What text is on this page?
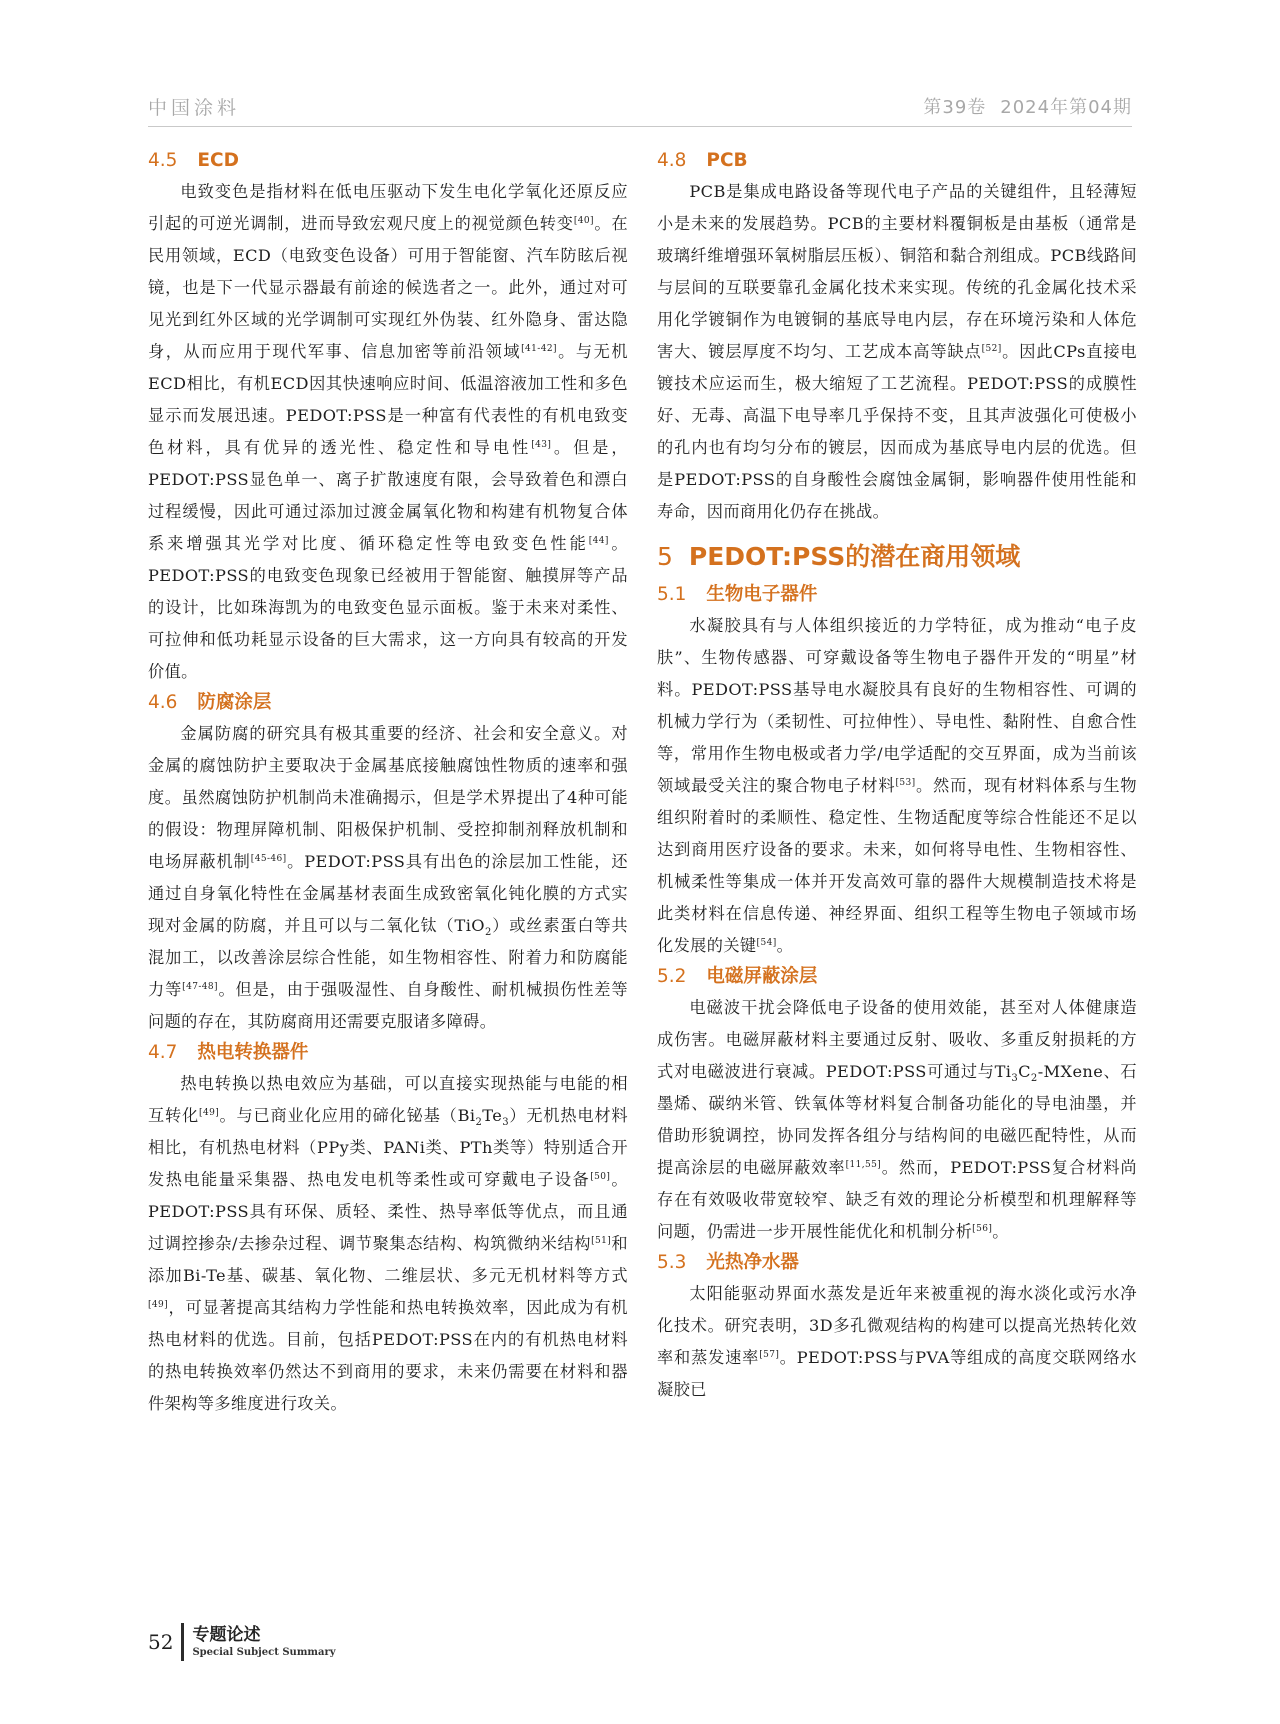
中国涂料	第39卷 2024年第04期
4.5 ECD

电致变色是指材料在低电压驱动下发生电化学氧化还原反应引起的可逆光调制，进而导致宏观尺度上的视觉颜色转变[40]。在民用领域，ECD（电致变色设备）可用于智能窗、汽车防眩后视镜，也是下一代显示器最有前途的候选者之一。此外，通过对可见光到红外区域的光学调制可实现红外伪装、红外隐身、雷达隐身，从而应用于现代军事、信息加密等前沿领域[41-42]。与无机ECD相比，有机ECD因其快速响应时间、低温溶液加工性和多色显示而发展迅速。PEDOT:PSS是一种富有代表性的有机电致变色材料，具有优异的透光性、稳定性和导电性[43]。但是，PEDOT:PSS显色单一、离子扩散速度有限，会导致着色和漂白过程缓慢，因此可通过添加过渡金属氧化物和构建有机物复合体系来增强其光学对比度、循环稳定性等电致变色性能[44]。PEDOT:PSS的电致变色现象已经被用于智能窗、触摸屏等产品的设计，比如珠海凯为的电致变色显示面板。鉴于未来对柔性、可拉伸和低功耗显示设备的巨大需求，这一方向具有较高的开发价值。

4.6 防腐涂层

金属防腐的研究具有极其重要的经济、社会和安全意义。对金属的腐蚀防护主要取决于金属基底接触腐蚀性物质的速率和强度。虽然腐蚀防护机制尚未准确揭示，但是学术界提出了4种可能的假设：物理屏障机制、阳极保护机制、受控抑制剂释放机制和电场屏蔽机制[45-46]。PEDOT:PSS具有出色的涂层加工性能，还通过自身氧化特性在金属基材表面生成致密氧化钝化膜的方式实现对金属的防腐，并且可以与二氧化钛（TiO$_2$）或丝素蛋白等共混加工，以改善涂层综合性能，如生物相容性、附着力和防腐能力等[47-48]。但是，由于强吸湿性、自身酸性、耐机械损伤性差等问题的存在，其防腐商用还需要克服诸多障碍。

4.7 热电转换器件

热电转换以热电效应为基础，可以直接实现热能与电能的相互转化[49]。与已商业化应用的碲化铋基$(Bi_2Te_3)$无机热电材料相比，有机热电材料（PPy类、PANi类、PTh类等）特别适合开发热电能量采集器、热电发电机等柔性或可穿戴电子设备[50]。PEDOT:PSS具有环保、质轻、柔性、热导率低等优点，而且通过调控掺杂/去掺杂过程、调节聚集态结构、构筑微纳米结构[51]和添加Bi-Te基、碳基、氧化物、二维层状、多元无机材料等方式[49]，可显著提高其结构力学性能和热电转换效率，因此成为有机热电材料的优选。目前，包括PEDOT:PSS在内的有机热电材料的热电转换效率仍然达不到商用的要求，未来仍需要在材料和器件架构等多维度进行攻关。

4.8 PCB

PCB是集成电路设备等现代电子产品的关键组件，且轻薄短小是未来的发展趋势。PCB的主要材料覆铜板是由基板（通常是玻璃纤维增强环氧树脂层压板）、铜箔和黏合剂组成。PCB线路间与层间的互联要靠孔金属化技术来实现。传统的孔金属化技术采用化学镀铜作为电镀铜的基底导电内层，存在环境污染和人体危害大、镀层厚度不均匀、工艺成本高等缺点[52]。因此CPs直接电镀技术应运而生，极大缩短了工艺流程。PEDOT:PSS的成膜性好、无毒、高温下电导率几乎保持不变，且其声波强化可使极小的孔内也有均匀分布的镀层，因而成为基底导电内层的优选。但是PEDOT:PSS的自身酸性会腐蚀金属铜，影响器件使用性能和寿命，因而商用化仍存在挑战。

5 PEDOT:PSS的潜在商用领域
5.1 生物电子器件

水凝胶具有与人体组织接近的力学特征，成为推动“电子皮肤”、生物传感器、可穿戴设备等生物电子器件开发的“明星”材料。PEDOT:PSS基导电水凝胶具有良好的生物相容性、可调的机械力学行为（柔韧性、可拉伸性）、导电性、黏附性、自愈合性等，常用作生物电极或者力学/电学适配的交互界面，成为当前该领域最受关注的聚合物电子材料[53]。然而，现有材料体系与生物组织附着时的柔顺性、稳定性、生物适配度等综合性能还不足以达到商用医疗设备的要求。未来，如何将导电性、生物相容性、机械柔性等集成一体并开发高效可靠的器件大规模制造技术将是此类材料在信息传递、神经界面、组织工程等生物电子领域市场化发展的关键[54]。

5.2 电磁屏蔽涂层

电磁波干扰会降低电子设备的使用效能，甚至对人体健康造成伤害。电磁屏蔽材料主要通过反射、吸收、多重反射损耗的方式对电磁波进行衰减。PEDOT:PSS可通过与$Ti_3C_2$-MXene、石墨烯、碳纳米管、铁氧体等材料复合制备功能化的导电油墨，并借助形貌调控，协同发挥各组分与结构间的电磁匹配特性，从而提高涂层的电磁屏蔽效率[11,55]。然而，PEDOT:PSS复合材料尚存在有效吸收带宽较窄、缺乏有效的理论分析模型和机理解释等问题，仍需进一步开展性能优化和机制分析[56]。

5.3 光热净水器

太阳能驱动界面水蒸发是近年来被重视的海水淡化或污水净化技术。研究表明，3D多孔微观结构的构建可以提高光热转化效率和蒸发速率[57]。PEDOT:PSS与PVA等组成的高度交联网络水凝胶已

52 专题论述
Special Subject Summary
